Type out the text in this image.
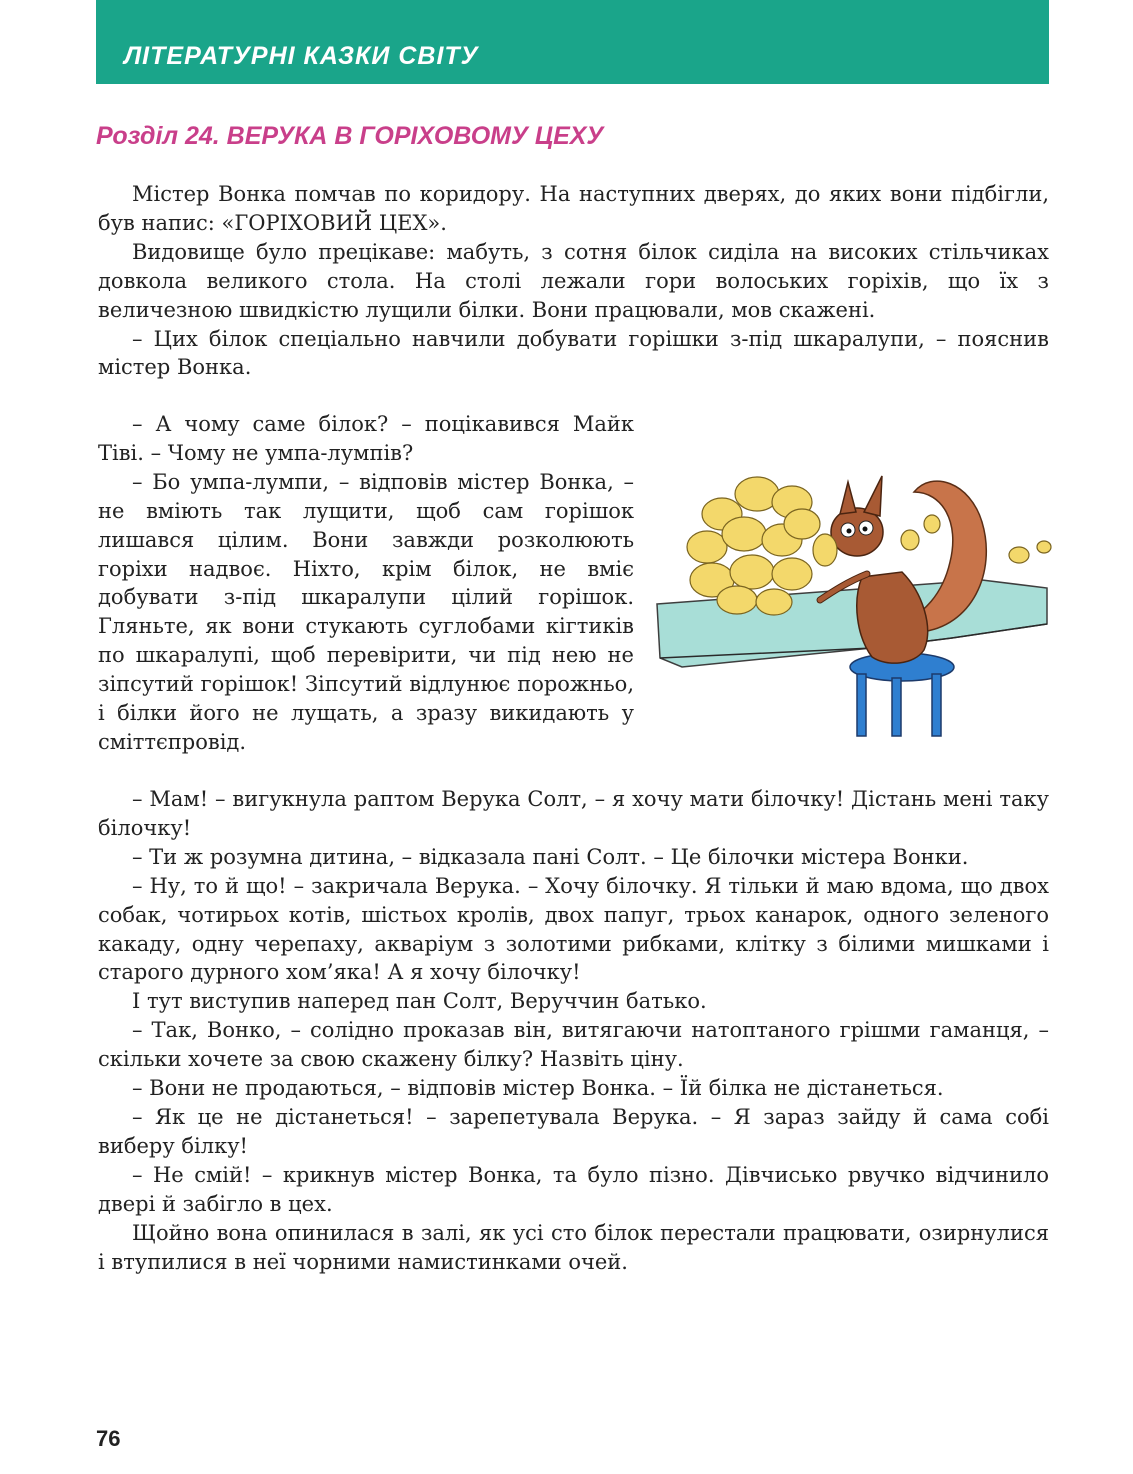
ЛІТЕРАТУРНІ КАЗКИ СВІТУ
Розділ 24. ВЕРУКА В ГОРІХОВОМУ ЦЕХУ

Містер Вонка помчав по коридору. На наступних дверях, до яких вони підбігли, був напис: «ГОРІХОВИЙ ЦЕХ».

Видовище було прецікаве: мабуть, з сотня білок сиділа на високих стільчиках довкола великого стола. На столі лежали гори волоських горіхів, що їх з величезною швидкістю лущили білки. Вони працювали, мов скажені.

– Цих білок спеціально навчили добувати горішки з-під шкаралупи, – пояснив містер Вонка.

– А чому саме білок? – поцікавився Майк Тіві. – Чому не умпа-лумпів?

– Бо умпа-лумпи, – відповів містер Вонка, – не вміють так лущити, щоб сам горішок лишався цілим. Вони завжди розколюють горіхи надвоє. Ніхто, крім білок, не вміє добувати з-під шкаралупи цілий горішок. Гляньте, як вони стукають суглобами кігтиків по шкаралупі, щоб перевірити, чи під нею не зіпсутий горішок! Зіпсутий відлунює порожньо, і білки його не лущать, а зразу викидають у сміттєпровід.

– Мам! – вигукнула раптом Верука Солт, – я хочу мати білочку! Дістань мені таку білочку!

– Ти ж розумна дитина, – відказала пані Солт. – Це білочки містера Вонки.

– Ну, то й що! – закричала Верука. – Хочу білочку. Я тільки й маю вдома, що двох собак, чотирьох котів, шістьох кролів, двох папуг, трьох канарок, одного зеленого какаду, одну черепаху, акваріум з золотими рибками, клітку з білими мишками і старого дурного хом’яка! А я хочу білочку!

І тут виступив наперед пан Солт, Веруччин батько.

– Так, Вонко, – солідно проказав він, витягаючи натоптаного грішми гаманця, – скільки хочете за свою скажену білку? Назвіть ціну.

– Вони не продаються, – відповів містер Вонка. – Їй білка не дістанеться.

– Як це не дістанеться! – зарепетувала Верука. – Я зараз зайду й сама собі виберу білку!

– Не смій! – крикнув містер Вонка, та було пізно. Дівчисько рвучко відчинило двері й забігло в цех.

Щойно вона опинилася в залі, як усі сто білок перестали працювати, озирнулися і втупилися в неї чорними намистинками очей.

76
